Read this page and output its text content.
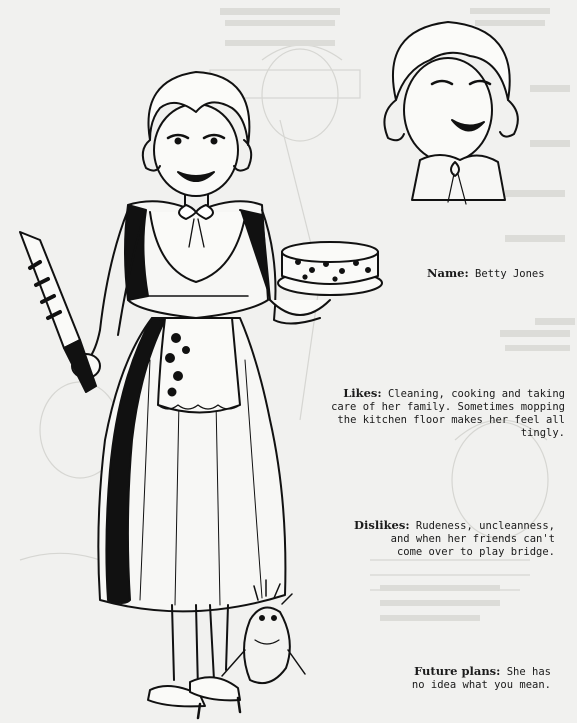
Name: Betty Jones
Likes: Cleaning, cooking and taking
care of her family. Sometimes mopping
the kitchen floor makes her feel all tingly.
Dislikes: Rudeness, uncleanness,
and when her friends can't
come over to play bridge.
Future plans: She has
no idea what you mean.
